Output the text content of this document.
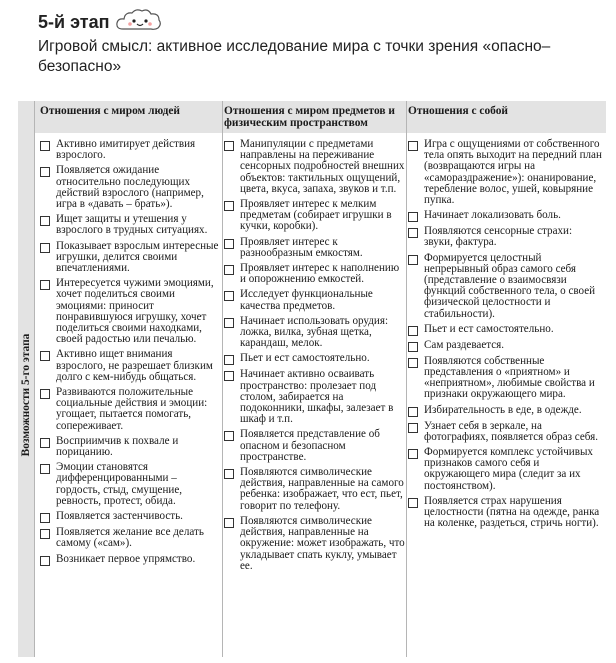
5-й этап
Игровой смысл: активное исследование мира с точки зрения «опасно–безопасно»
Отношения с миром людей	Отношения с миром предметов и физическим пространством
Отношения с собой
Возможности 5-го этапа
Активно имитирует действия взрослого.
Появляется ожидание относительно последующих действий взрослого (например, игра в «давать – брать»).
Ищет защиты и утешения у взрослого в трудных ситуациях.
Показывает взрослым интересные игрушки, делится своими впечатлениями.
Интересуется чужими эмоциями, хочет поделиться своими эмоциями: приносит понравившуюся игрушку, хочет поделиться своими находками, своей радостью или печалью.
Активно ищет внимания взрослого, не разрешает близким долго с кем-нибудь общаться.
Развиваются положительные социальные действия и эмоции: угощает, пытается помогать, сопереживает.
Восприимчив к похвале и порицанию.
Эмоции становятся дифференцированными – гордость, стыд, смущение, ревность, протест, обида.
Появляется застенчивость.
Появляется желание все делать самому («сам»).
Возникает первое упрямство.
Манипуляции с предметами направлены на переживание сенсорных подробностей внешних объектов: тактильных ощущений, цвета, вкуса, запаха, звуков и т.п.
Проявляет интерес к мелким предметам (собирает игрушки в кучки, коробки).
Проявляет интерес к разнообразным емкостям.
Проявляет интерес к наполнению и опорожнению емкостей.
Исследует функциональные качества предметов.
Начинает использовать орудия: ложка, вилка, зубная щетка, карандаш, мелок.
Пьет и ест самостоятельно.
Начинает активно осваивать пространство: пролезает под столом, забирается на подоконники, шкафы, залезает в шкаф и т.п.
Появляется представление об опасном и безопасном пространстве.
Появляются символические действия, направленные на самого ребенка: изображает, что ест, пьет, говорит по телефону.
Появляются символические действия, направленные на окружение: может изображать, что укладывает спать куклу, умывает ее.
Игра с ощущениями от собственного тела опять выходит на передний план (возвращаются игры на «самораздражение»): онанирование, теребление волос, ушей, ковыряние пупка.
Начинает локализовать боль.
Появляются сенсорные страхи: звуки, фактура.
Формируется целостный непрерывный образ самого себя (представление о взаимосвязи функций собственного тела, о своей физической целостности и стабильности).
Пьет и ест самостоятельно.
Сам раздевается.
Появляются собственные представления о «приятном» и «неприятном», любимые свойства и признаки окружающего мира.
Избирательность в еде, в одежде.
Узнает себя в зеркале, на фотографиях, появляется образ себя.
Формируется комплекс устойчивых признаков самого себя и окружающего мира (следит за их постоянством).
Появляется страх нарушения целостности (пятна на одежде, ранка на коленке, раздеться, стричь ногти).
